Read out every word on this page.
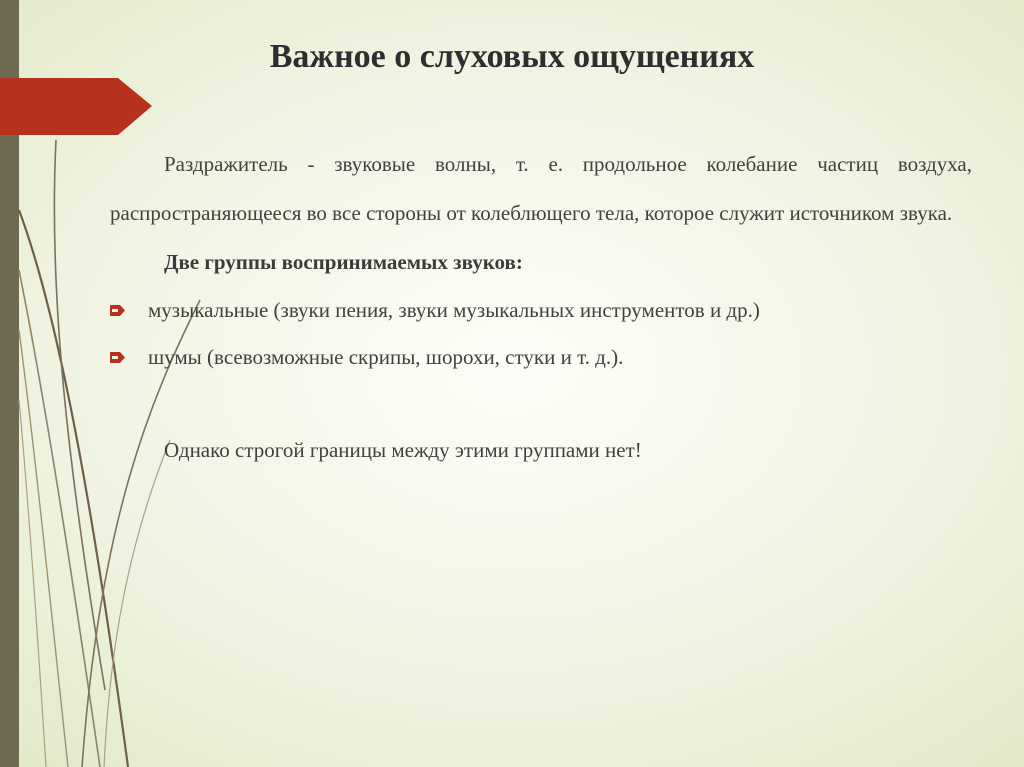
Важное о слуховых ощущениях

Раздражитель - звуковые волны, т. е. продольное колебание частиц воздуха, распространяющееся во все стороны от колеблющего тела, которое служит источником звука.

Две группы воспринимаемых звуков:

музыкальные (звуки пения, звуки музыкальных инструментов и др.)
шумы (всевозможные скрипы, шорохи, стуки и т. д.).

Однако строгой границы между этими группами нет!
